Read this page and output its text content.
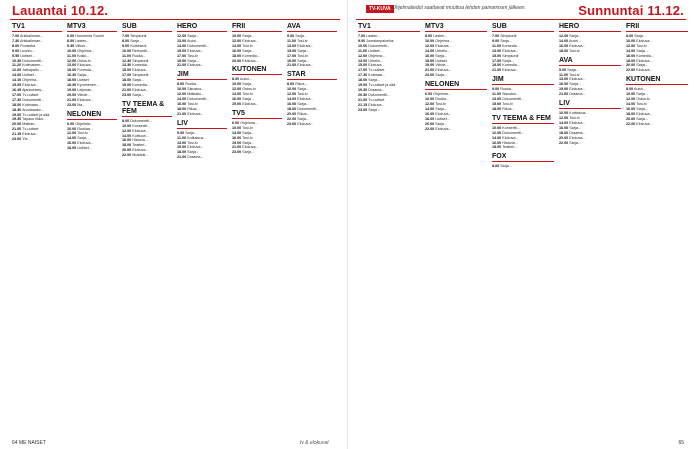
Lauantai 10.12.	Sunnuntai 11.12.
TV-KUVA Ohjelmatiedot saattavat muuttua lehden painamisen jälkeen.
TV1
7.00 Ankkalinnan...
7.30 Ankkalinnan...
8.00 Puutarha
9.00 Luonto...
9.55 Uutiset...
10.30 Dokumentti...
11.20 Kotimaisen...
12.00 Jalkapallo...
14.00 Uutiset...
14.10 Ohjelma...
15.05 Elokuva...
16.45 Ajankohtais...
17.00 Tv-uutiset
17.30 Dokumentti...
18.00 Kotimaan...
18.30 Arvotaanko...
19.00 Tv-uutiset ja sää
19.30 Tapaus Ilkka...
20.00 Matkan...
21.00 Tv-uutiset
21.15 Elokuva...
23.00 Yle...
MTV3
6.00 Huomenta Suomi
8.00 Lasten...
9.30 Viikon...
10.00 Ohjelma...
11.00 Kokki...
12.00 Ostos-tv
13.00 Elokuva...
15.00 Formula...
16.30 Sarja...
18.00 Uutiset
18.30 Kymmenen...
19.00 Leijonan...
20.00 Viihde...
21.00 Elokuva...
23.00 Ilta...
NELONEN
6.00 Ohjelmia...
10.00 Ruokaa...
12.00 Tosi-tv
14.00 Sarja...
16.00 Elokuva...
18.00 Uutiset...
SUB
7.00 Simpsonit
8.00 Sarja...
9.00 Kotivideot
10.00 Remontti...
11.00 Ruoka...
12.30 Simpsonit
13.30 Komedia...
15.00 Elokuva...
17.00 Simpsonit
18.00 Sarja...
19.00 Komedia...
21.00 Elokuva...
23.00 Sarja...
TV TEEMA & FEM
8.00 Dokumentti...
10.00 Konsertti...
12.00 Elokuva...
14.00 Kulttuuri...
16.00 Historia...
18.00 Teatteri...
20.00 Elokuva...
22.00 Musiikki...
HERO
12.00 Sarja...
13.00 Autot...
14.00 Dokumentti...
15.00 Elokuva...
17.00 Tosi-tv
19.00 Sarja...
21.00 Elokuva...
JIM
8.00 Ruoka...
10.00 Sisustus...
12.00 Matkailu...
14.00 Dokumentti...
16.00 Tosi-tv
18.00 Rikos...
21.00 Elokuva...
LIV
9.00 Sarja...
11.00 Kotitalous...
13.00 Tosi-tv
15.00 Elokuva...
18.00 Sarja...
21.00 Draama...
FRII
10.00 Sarja...
12.00 Elokuva...
14.00 Tosi-tv
16.00 Sarja...
18.00 Komedia...
20.00 Elokuva...
KUTONEN
8.00 Autot...
10.00 Sarja...
12.00 Ostos-tv
14.00 Tosi-tv
16.00 Sarja...
19.00 Elokuva...
TV5
6.00 Ohjelmia...
10.00 Tosi-tv
13.00 Sarja...
16.00 Tosi-tv
19.00 Sarja...
21.00 Elokuva...
23.00 Sarja...
AVA
9.00 Sarja...
11.00 Tosi-tv
13.00 Elokuva...
15.00 Sarja...
17.00 Tosi-tv
19.00 Sarja...
21.00 Elokuva...
STAR
8.00 Rikos...
10.00 Sarja...
12.00 Tosi-tv
14.00 Elokuva...
16.00 Sarja...
18.00 Dokumentti...
20.00 Rikos...
22.00 Sarja...
23.00 Elokuva...
TV1
7.00 Lasten...
9.00 Jumalanpalvelus
10.00 Dokumentti...
11.00 Uutiset...
12.00 Ohjelma...
13.00 Urheilu...
15.00 Elokuva...
17.00 Tv-uutiset
17.30 Kotimaa...
18.00 Sarja...
19.00 Tv-uutiset ja sää
19.30 Draama...
20.30 Dokumentti...
21.00 Tv-uutiset
21.15 Elokuva...
23.00 Sarja...
MTV3
8.00 Lasten...
10.00 Ohjelma...
12.00 Elokuva...
14.00 Urheilu...
16.00 Sarja...
18.00 Uutiset
19.00 Viihde...
21.00 Elokuva...
23.00 Sarja...
NELONEN
6.00 Ohjelmia...
10.00 Ruoka...
12.00 Tosi-tv
14.00 Sarja...
16.00 Elokuva...
18.00 Uutiset...
20.00 Sarja...
22.00 Elokuva...
SUB
7.00 Simpsonit
9.00 Sarja...
11.00 Komedia...
13.00 Elokuva...
15.00 Simpsonit
17.00 Sarja...
19.00 Komedia...
21.00 Elokuva...
JIM
9.00 Ruoka...
11.00 Sisustus...
13.00 Dokumentti...
15.00 Tosi-tv
18.00 Rikos...
TV TEEMA & FEM
10.00 Konsertti...
12.00 Dokumentti...
14.00 Elokuva...
16.00 Historia...
18.00 Teatteri...
FOX
8.00 Sarja...
HERO
12.00 Sarja...
14.00 Autot...
16.00 Elokuva...
18.00 Tosi-tv
AVA
9.00 Sarja...
11.00 Tosi-tv
13.00 Elokuva...
16.00 Sarja...
19.00 Elokuva...
21.00 Draama...
LIV
10.00 Kotitalous...
12.00 Tosi-tv
14.00 Elokuva...
16.00 Sarja...
18.00 Draama...
20.00 Elokuva...
22.00 Sarja...
FRII
8.00 Sarja...
10.00 Elokuva...
12.00 Tosi-tv
14.00 Sarja...
16.00 Komedia...
18.00 Elokuva...
20.00 Sarja...
22.00 Elokuva...
KUTONEN
8.00 Autot...
10.00 Sarja...
12.00 Ostos-tv
14.00 Tosi-tv
16.00 Sarja...
18.00 Elokuva...
20.00 Sarja...
22.00 Elokuva...
64 ME NAISET	tv & elokuvat	65
